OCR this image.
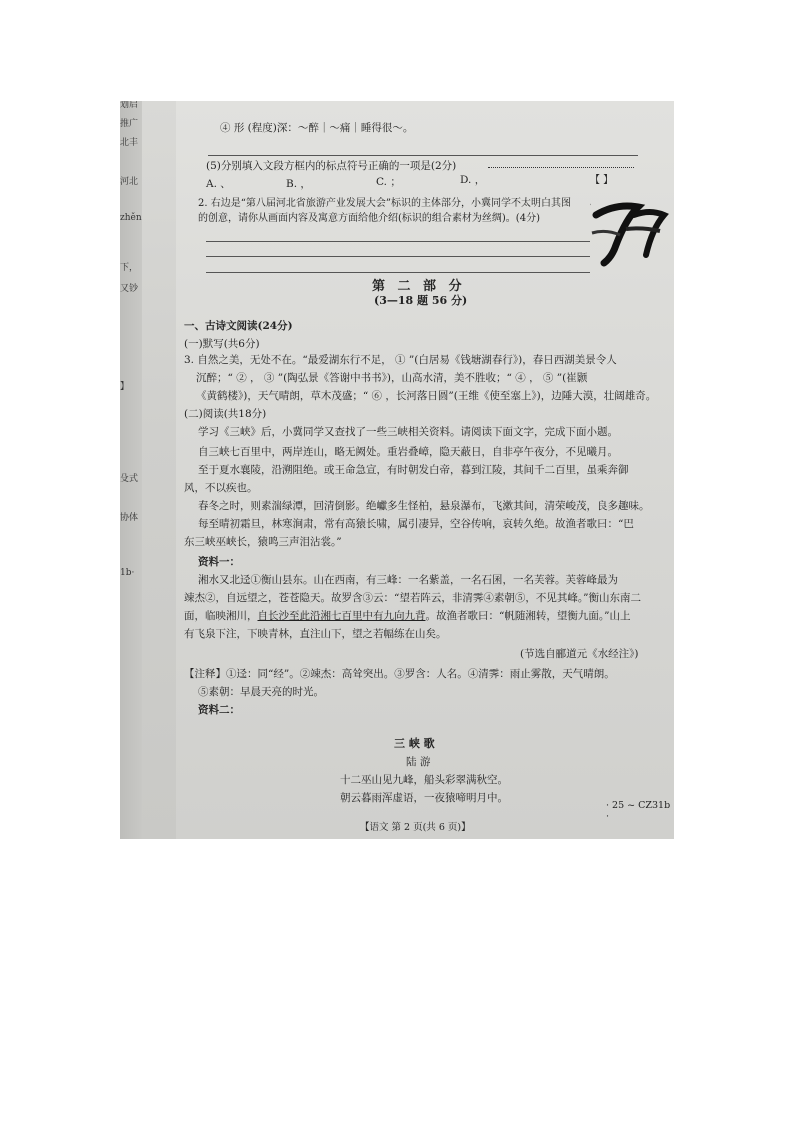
划启
推广
北丰
河北
zhěn
下，
又钞
】
殳式
协体
1b·
④ 形 (程度)深：～醉｜～痛｜睡得很～。
(5)分别填入文段方框内的标点符号正确的一项是(2分)
【 】
A. 、	B. ，	C. ；	D. ，
2. 右边是“第八届河北省旅游产业发展大会”标识的主体部分，小冀同学不太明白其图
的创意，请你从画面内容及寓意方面给他介绍(标识的组合素材为丝绸)。(4分)
醉
第 二 部 分
(3—18 题 56 分)
一、古诗文阅读(24分)
(一)默写(共6分)
3. 自然之美，无处不在。“最爱湖东行不足， ① ”(白居易《钱塘湖春行》)，春日西湖美景令人
沉醉；“ ② ， ③ ”(陶弘景《答谢中书书》)，山高水清，美不胜收；“ ④ ， ⑤ ”(崔颢
《黄鹤楼》)，天气晴朗，草木茂盛；“ ⑥ ，长河落日圆”(王维《使至塞上》)，边陲大漠，壮阔雄奇。
(二)阅读(共18分)
学习《三峡》后，小冀同学又查找了一些三峡相关资料。请阅读下面文字，完成下面小题。
自三峡七百里中，两岸连山，略无阙处。重岩叠嶂，隐天蔽日，自非亭午夜分，不见曦月。
至于夏水襄陵，沿溯阻绝。或王命急宣，有时朝发白帝，暮到江陵，其间千二百里，虽乘奔御
风，不以疾也。
春冬之时，则素湍绿潭，回清倒影。绝巘多生怪柏，悬泉瀑布，飞漱其间，清荣峻茂，良多趣味。
每至晴初霜旦，林寒涧肃，常有高猿长啸，属引凄异，空谷传响，哀转久绝。故渔者歌曰：“巴
东三峡巫峡长，猿鸣三声泪沾裳。”
资料一：
湘水又北迳①衡山县东。山在西南，有三峰：一名紫盖，一名石囷，一名芙蓉。芙蓉峰最为
竦杰②，自远望之，苍苍隐天。故罗含③云：“望若阵云，非清霁④素朝⑤，不见其峰。”衡山东南二
面，临映湘川，自长沙至此沿湘七百里中有九向九背。故渔者歌曰：“帆随湘转，望衡九面。”山上
有飞泉下注，下映青林，直注山下，望之若幅练在山矣。
(节选自郦道元《水经注》)
【注释】①迳：同“经”。②竦杰：高耸突出。③罗含：人名。④清霁：雨止雾散，天气晴朗。
⑤素朝：早晨天亮的时光。
资料二：
三 峡 歌
陆 游
十二巫山见九峰，船头彩翠满秋空。
朝云暮雨浑虚语，一夜猿啼明月中。
【语文 第 2 页(共 6 页)】
· 25 ~ CZ31b ·
